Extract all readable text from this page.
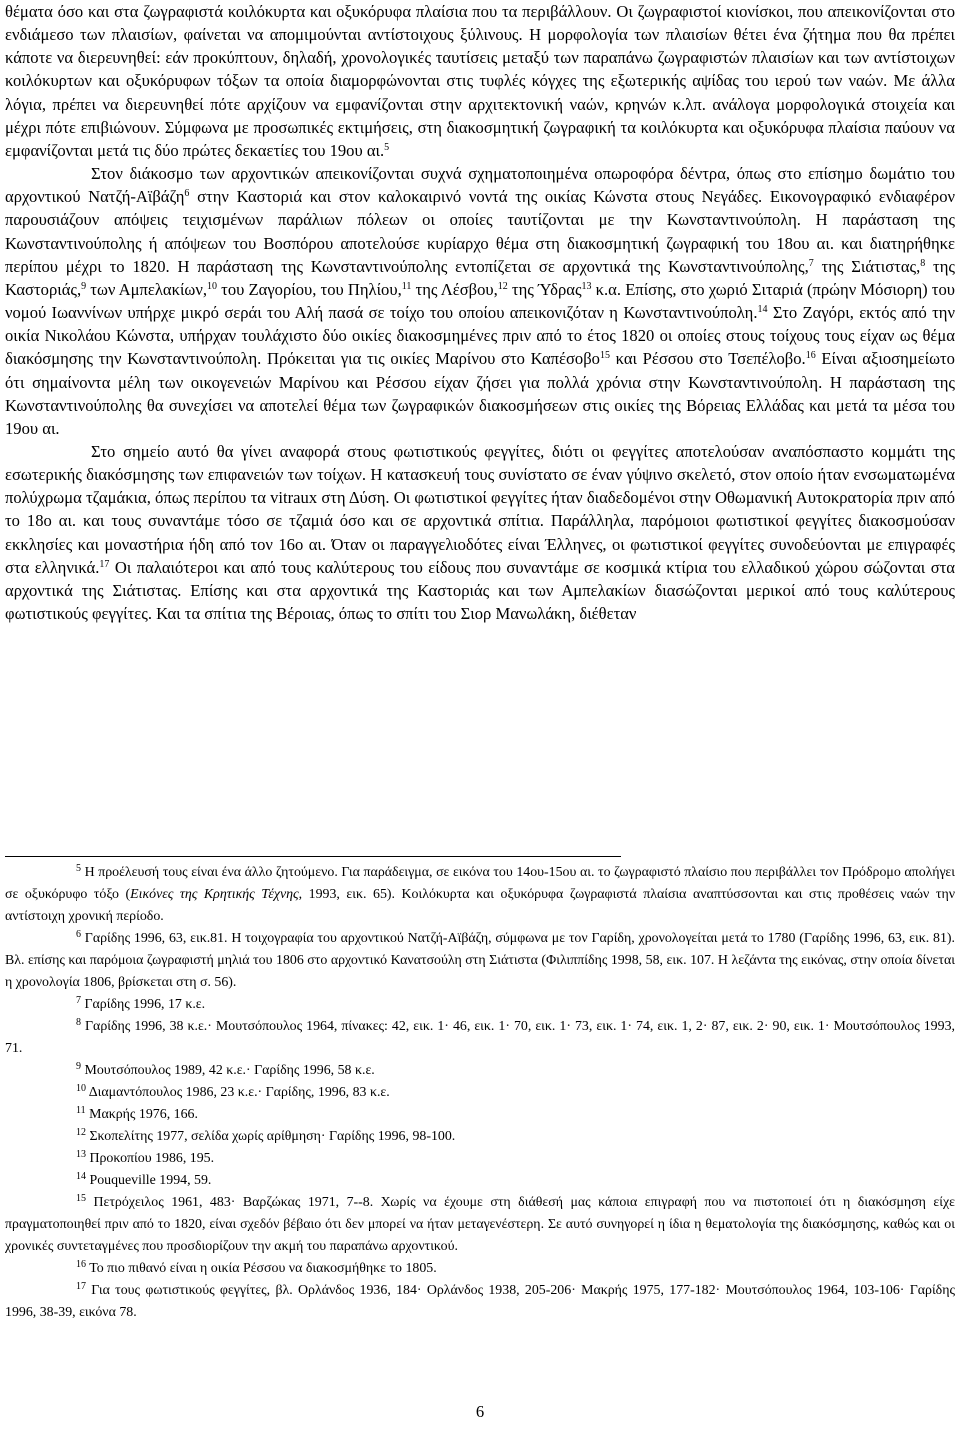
θέματα όσο και στα ζωγραφιστά κοιλόκυρτα και οξυκόρυφα πλαίσια που τα περιβάλλουν. Οι ζωγραφιστοί κιονίσκοι, που απεικονίζονται στο ενδιάμεσο των πλαισίων, φαίνεται να απομιμούνται αντίστοιχους ξύλινους. Η μορφολογία των πλαισίων θέτει ένα ζήτημα που θα πρέπει κάποτε να διερευνηθεί: εάν προκύπτουν, δηλαδή, χρονολογικές ταυτίσεις μεταξύ των παραπάνω ζωγραφιστών πλαισίων και των αντίστοιχων κοιλόκυρτων και οξυκόρυφων τόξων τα οποία διαμορφώνονται στις τυφλές κόγχες της εξωτερικής αψίδας του ιερού των ναών. Με άλλα λόγια, πρέπει να διερευνηθεί πότε αρχίζουν να εμφανίζονται στην αρχιτεκτονική ναών, κρηνών κ.λπ. ανάλογα μορφολογικά στοιχεία και μέχρι πότε επιβιώνουν. Σύμφωνα με προσωπικές εκτιμήσεις, στη διακοσμητική ζωγραφική τα κοιλόκυρτα και οξυκόρυφα πλαίσια παύουν να εμφανίζονται μετά τις δύο πρώτες δεκαετίες του 19ου αι.$^5$

Στον διάκοσμο των αρχοντικών απεικονίζονται συχνά σχηματοποιημένα οπωροφόρα δέντρα, όπως στο επίσημο δωμάτιο του αρχοντικού Νατζή-Αϊβάζη$^6$ στην Καστοριά και στον καλοκαιρινό νοντά της οικίας Κώνστα στους Νεγάδες. Εικονογραφικό ενδιαφέρον παρουσιάζουν απόψεις τειχισμένων παράλιων πόλεων οι οποίες ταυτίζονται με την Κωνσταντινούπολη. Η παράσταση της Κωνσταντινούπολης ή απόψεων του Βοσπόρου αποτελούσε κυρίαρχο θέμα στη διακοσμητική ζωγραφική του 18ου αι. και διατηρήθηκε περίπου μέχρι το 1820. Η παράσταση της Κωνσταντινούπολης εντοπίζεται σε αρχοντικά της Κωνσταντινούπολης,$^7$ της Σιάτιστας,$^8$ της Καστοριάς,$^9$ των Αμπελακίων,$^{10}$ του Ζαγορίου, του Πηλίου,$^{11}$ της Λέσβου,$^{12}$ της Ύδρας$^{13}$ κ.α. Επίσης, στο χωριό Σιταριά (πρώην Μόσιορη) του νομού Ιωαννίνων υπήρχε μικρό σεράι του Αλή πασά σε τοίχο του οποίου απεικονιζόταν η Κωνσταντινούπολη.$^{14}$ Στο Ζαγόρι, εκτός από την οικία Νικολάου Κώνστα, υπήρχαν τουλάχιστο δύο οικίες διακοσμημένες πριν από το έτος 1820 οι οποίες στους τοίχους τους είχαν ως θέμα διακόσμησης την Κωνσταντινούπολη. Πρόκειται για τις οικίες Μαρίνου στο Καπέσοβο$^{15}$ και Ρέσσου στο Τσεπέλοβο.$^{16}$ Είναι αξιοσημείωτο ότι σημαίνοντα μέλη των οικογενειών Μαρίνου και Ρέσσου είχαν ζήσει για πολλά χρόνια στην Κωνσταντινούπολη. Η παράσταση της Κωνσταντινούπολης θα συνεχίσει να αποτελεί θέμα των ζωγραφικών διακοσμήσεων στις οικίες της Βόρειας Ελλάδας και μετά τα μέσα του 19ου αι.

Στο σημείο αυτό θα γίνει αναφορά στους φωτιστικούς φεγγίτες, διότι οι φεγγίτες αποτελούσαν αναπόσπαστο κομμάτι της εσωτερικής διακόσμησης των επιφανειών των τοίχων. Η κατασκευή τους συνίστατο σε έναν γύψινο σκελετό, στον οποίο ήταν ενσωματωμένα πολύχρωμα τζαμάκια, όπως περίπου τα vitraux στη Δύση. Οι φωτιστικοί φεγγίτες ήταν διαδεδομένοι στην Οθωμανική Αυτοκρατορία πριν από το 18ο αι. και τους συναντάμε τόσο σε τζαμιά όσο και σε αρχοντικά σπίτια. Παράλληλα, παρόμοιοι φωτιστικοί φεγγίτες διακοσμούσαν εκκλησίες και μοναστήρια ήδη από τον 16ο αι. Όταν οι παραγγελιοδότες είναι Έλληνες, οι φωτιστικοί φεγγίτες συνοδεύονται με επιγραφές στα ελληνικά.$^{17}$ Οι παλαιότεροι και από τους καλύτερους του είδους που συναντάμε σε κοσμικά κτίρια του ελλαδικού χώρου σώζονται στα αρχοντικά της Σιάτιστας. Επίσης και στα αρχοντικά της Καστοριάς και των Αμπελακίων διασώζονται μερικοί από τους καλύτερους φωτιστικούς φεγγίτες. Και τα σπίτια της Βέροιας, όπως το σπίτι του Σιορ Μανωλάκη, διέθεταν

$^5$ Η προέλευσή τους είναι ένα άλλο ζητούμενο. Για παράδειγμα, σε εικόνα του 14ου-15ου αι. το ζωγραφιστό πλαίσιο που περιβάλλει τον Πρόδρομο απολήγει σε οξυκόρυφο τόξο (Εικόνες της Κρητικής Τέχνης, 1993, εικ. 65). Κοιλόκυρτα και οξυκόρυφα ζωγραφιστά πλαίσια αναπτύσσονται και στις προθέσεις ναών την αντίστοιχη χρονική περίοδο.

$^6$ Γαρίδης 1996, 63, εικ.81. Η τοιχογραφία του αρχοντικού Νατζή-Αϊβάζη, σύμφωνα με τον Γαρίδη, χρονολογείται μετά το 1780 (Γαρίδης 1996, 63, εικ. 81). Βλ. επίσης και παρόμοια ζωγραφιστή μηλιά του 1806 στο αρχοντικό Κανατσούλη στη Σιάτιστα (Φιλιππίδης 1998, 58, εικ. 107. Η λεζάντα της εικόνας, στην οποία δίνεται η χρονολογία 1806, βρίσκεται στη σ. 56).

$^7$ Γαρίδης 1996, 17 κ.ε.

$^8$ Γαρίδης 1996, 38 κ.ε.· Μουτσόπουλος 1964, πίνακες: 42, εικ. 1· 46, εικ. 1· 70, εικ. 1· 73, εικ. 1· 74, εικ. 1, 2· 87, εικ. 2· 90, εικ. 1· Μουτσόπουλος 1993, 71.

$^9$ Μουτσόπουλος 1989, 42 κ.ε.· Γαρίδης 1996, 58 κ.ε.

$^{10}$ Διαμαντόπουλος 1986, 23 κ.ε.· Γαρίδης, 1996, 83 κ.ε.

$^{11}$ Μακρής 1976, 166.

$^{12}$ Σκοπελίτης 1977, σελίδα χωρίς αρίθμηση· Γαρίδης 1996, 98-100.

$^{13}$ Προκοπίου 1986, 195.

$^{14}$ Pouqueville 1994, 59.

$^{15}$ Πετρόχειλος 1961, 483· Βαρζώκας 1971, 7--8. Χωρίς να έχουμε στη διάθεσή μας κάποια επιγραφή που να πιστοποιεί ότι η διακόσμηση είχε πραγματοποιηθεί πριν από το 1820, είναι σχεδόν βέβαιο ότι δεν μπορεί να ήταν μεταγενέστερη. Σε αυτό συνηγορεί η ίδια η θεματολογία της διακόσμησης, καθώς και οι χρονικές συντεταγμένες που προσδιορίζουν την ακμή του παραπάνω αρχοντικού.

$^{16}$ Το πιο πιθανό είναι η οικία Ρέσσου να διακοσμήθηκε το 1805.

$^{17}$ Για τους φωτιστικούς φεγγίτες, βλ. Ορλάνδος 1936, 184· Ορλάνδος 1938, 205-206· Μακρής 1975, 177-182· Μουτσόπουλος 1964, 103-106· Γαρίδης 1996, 38-39, εικόνα 78.

6
